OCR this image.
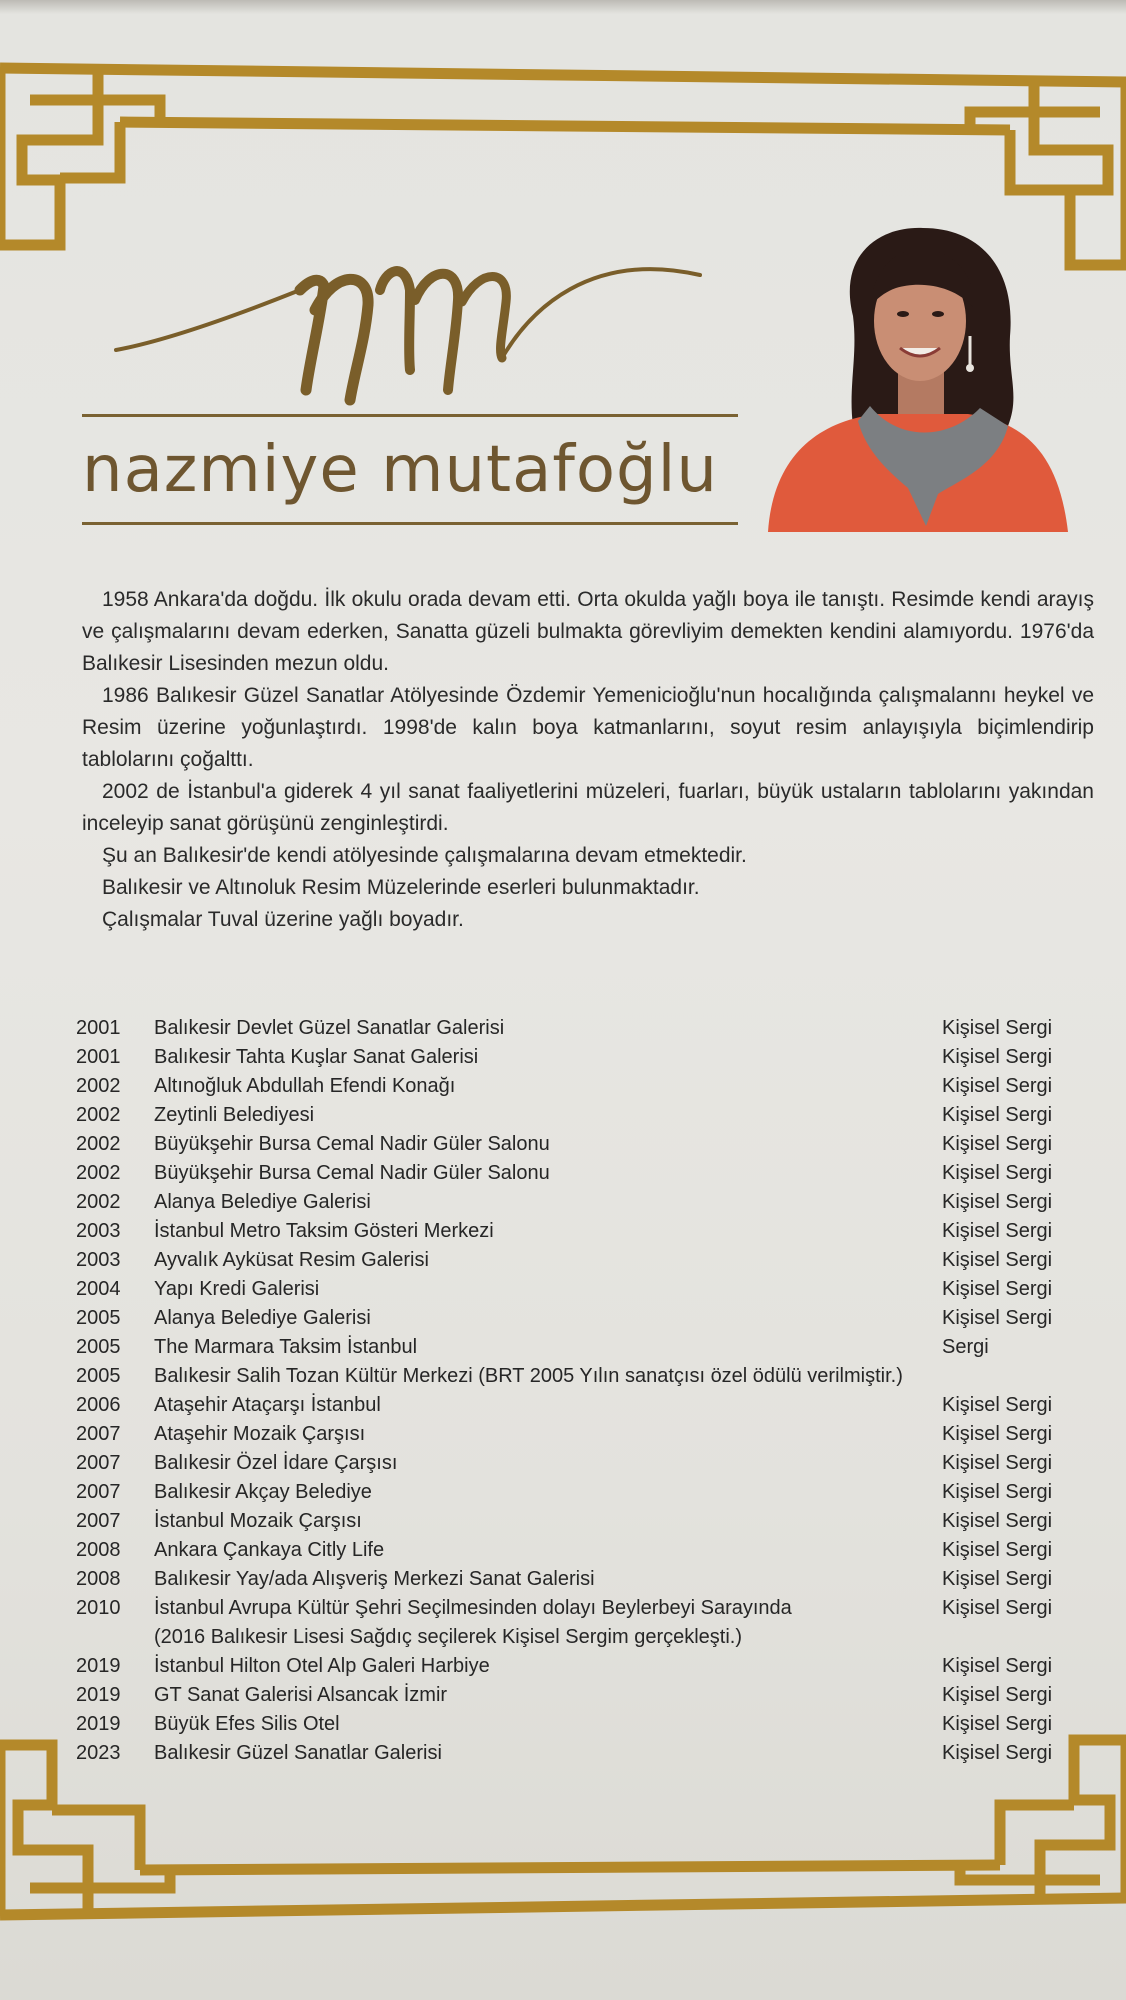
nazmiye mutafoğlu

1958 Ankara'da doğdu. İlk okulu orada devam etti. Orta okulda yağlı boya ile tanıştı. Resimde kendi arayış ve çalışmalarını devam ederken, Sanatta güzeli bulmakta görevliyim demekten kendini alamıyordu. 1976'da Balıkesir Lisesinden mezun oldu.

1986 Balıkesir Güzel Sanatlar Atölyesinde Özdemir Yemenicioğlu'nun hocalığında çalışmalannı heykel ve Resim üzerine yoğunlaştırdı. 1998'de kalın boya katmanlarını, soyut resim anlayışıyla biçimlendirip tablolarını çoğalttı.

2002 de İstanbul'a giderek 4 yıl sanat faaliyetlerini müzeleri, fuarları, büyük ustaların tablolarını yakından inceleyip sanat görüşünü zenginleştirdi.

Şu an Balıkesir'de kendi atölyesinde çalışmalarına devam etmektedir.

Balıkesir ve Altınoluk Resim Müzelerinde eserleri bulunmaktadır.

Çalışmalar Tuval üzerine yağlı boyadır.

2001 Balıkesir Devlet Güzel Sanatlar Galerisi	Kişisel Sergi
2001 Balıkesir Tahta Kuşlar Sanat Galerisi	Kişisel Sergi
2002 Altınoğluk Abdullah Efendi Konağı	Kişisel Sergi
2002 Zeytinli Belediyesi	Kişisel Sergi
2002 Büyükşehir Bursa Cemal Nadir Güler Salonu	Kişisel Sergi
2002 Büyükşehir Bursa Cemal Nadir Güler Salonu	Kişisel Sergi
2002 Alanya Belediye Galerisi	Kişisel Sergi
2003 İstanbul Metro Taksim Gösteri Merkezi	Kişisel Sergi
2003 Ayvalık Ayküsat Resim Galerisi	Kişisel Sergi
2004 Yapı Kredi Galerisi	Kişisel Sergi
2005 Alanya Belediye Galerisi	Kişisel Sergi
2005 The Marmara Taksim İstanbul	Sergi
2005 Balıkesir Salih Tozan Kültür Merkezi (BRT 2005 Yılın sanatçısı özel ödülü verilmiştir.)
2006 Ataşehir Ataçarşı İstanbul	Kişisel Sergi
2007 Ataşehir Mozaik Çarşısı	Kişisel Sergi
2007 Balıkesir Özel İdare Çarşısı	Kişisel Sergi
2007 Balıkesir Akçay Belediye	Kişisel Sergi
2007 İstanbul Mozaik Çarşısı	Kişisel Sergi
2008 Ankara Çankaya Citly Life	Kişisel Sergi
2008 Balıkesir Yay/ada Alışveriş Merkezi Sanat Galerisi	Kişisel Sergi
2010 İstanbul Avrupa Kültür Şehri Seçilmesinden dolayı Beylerbeyi Sarayında	Kişisel Sergi
(2016 Balıkesir Lisesi Sağdıç seçilerek Kişisel Sergim gerçekleşti.)
2019 İstanbul Hilton Otel Alp Galeri Harbiye	Kişisel Sergi
2019 GT Sanat Galerisi Alsancak İzmir	Kişisel Sergi
2019 Büyük Efes Silis Otel	Kişisel Sergi
2023 Balıkesir Güzel Sanatlar Galerisi	Kişisel Sergi
